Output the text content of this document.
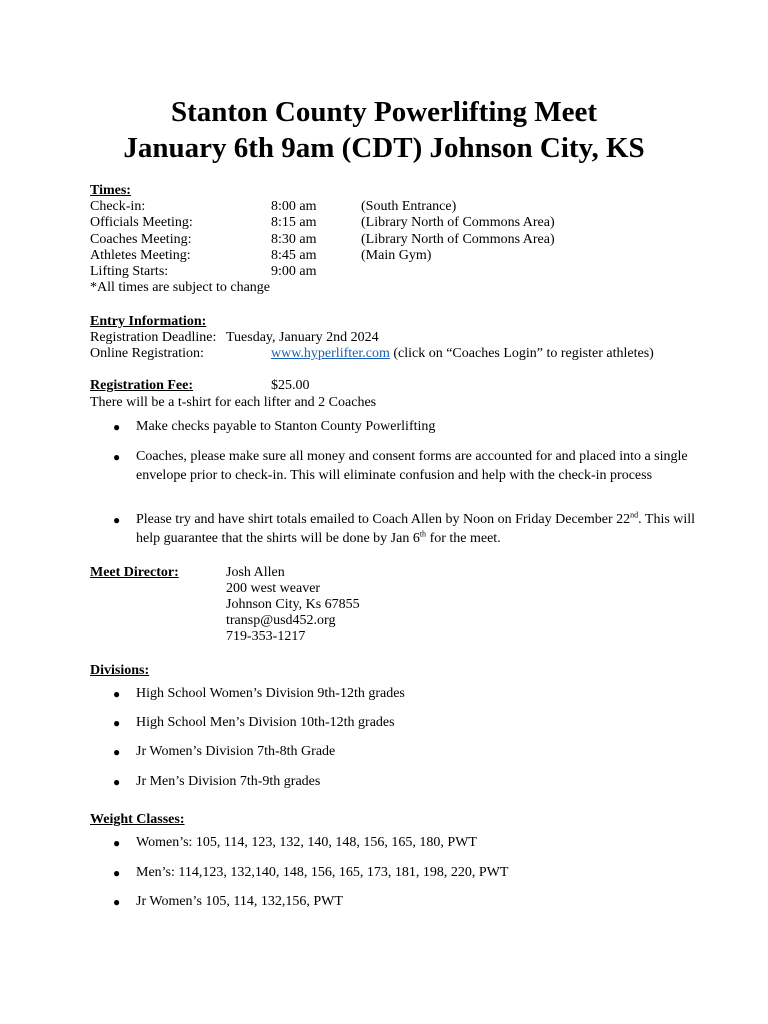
Stanton County Powerlifting Meet
January 6th 9am (CDT) Johnson City, KS
Times:
Check-in:	8:00 am	(South Entrance)
Officials Meeting:	8:15 am	(Library North of Commons Area)
Coaches Meeting:	8:30 am	(Library North of Commons Area)
Athletes Meeting:	8:45 am	(Main Gym)
Lifting Starts:	9:00 am
*All times are subject to change
Entry Information:
Registration Deadline: Tuesday, January 2nd 2024
Online Registration:	www.hyperlifter.com (click on “Coaches Login” to register athletes)
Registration Fee:	$25.00
There will be a t-shirt for each lifter and 2 Coaches
● Make checks payable to Stanton County Powerlifting
● Coaches, please make sure all money and consent forms are accounted for and placed into a single envelope prior to check-in. This will eliminate confusion and help with the check-in process
● Please try and have shirt totals emailed to Coach Allen by Noon on Friday December 22nd. This will help guarantee that the shirts will be done by Jan 6th for the meet.
Meet Director:	Josh Allen
200 west weaver
Johnson City, Ks 67855
transp@usd452.org
719-353-1217
Divisions:
● High School Women’s Division 9th-12th grades
● High School Men’s Division 10th-12th grades
● Jr Women’s Division 7th-8th Grade
● Jr Men’s Division 7th-9th grades
Weight Classes:
● Women’s: 105, 114, 123, 132, 140, 148, 156, 165, 180, PWT
● Men’s: 114,123, 132,140, 148, 156, 165, 173, 181, 198, 220, PWT
● Jr Women’s 105, 114, 132,156, PWT
